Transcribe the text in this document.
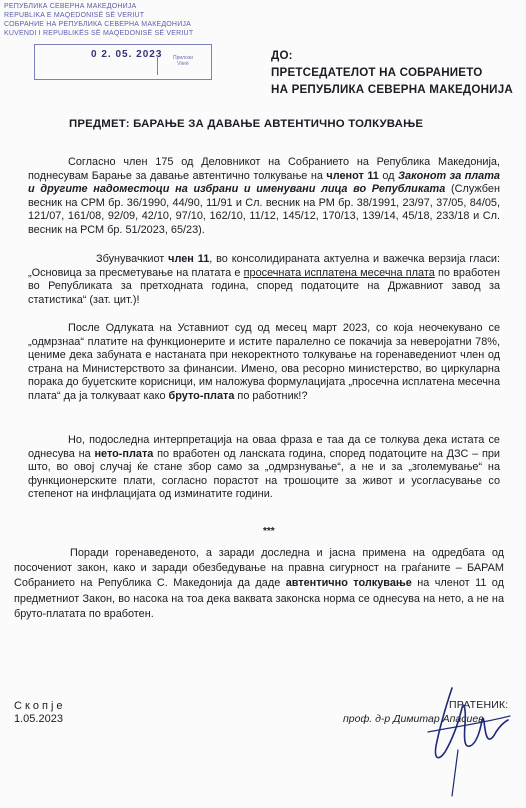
РЕПУБЛИКА СЕВЕРНА МАКЕДОНИЈА
REPUBLIKA E MAQEDONISË SË VERIUT
СОБРАНИЕ НА РЕПУБЛИКА СЕВЕРНА МАКЕДОНИЈА
KUVENDI I REPUBLIKËS SË MAQEDONISË SË VERIUT
0 2. 05. 2023	Прилози
Vlerë
ДО:
ПРЕТСЕДАТЕЛОТ НА СОБРАНИЕТО
НА РЕПУБЛИКА СЕВЕРНА МАКЕДОНИЈА
ПРЕДМЕТ: БАРАЊЕ ЗА ДАВАЊЕ АВТЕНТИЧНО ТОЛКУВАЊЕ
Согласно член 175 од Деловникот на Собранието на Република Македонија, поднесувам Барање за давање автентично толкување на членот 11 од Законот за плата и другите надоместоци на избрани и именувани лица во Републиката (Службен весник на СРМ бр. 36/1990, 44/90, 11/91 и Сл. весник на РМ бр. 38/1991, 23/97, 37/05, 84/05, 121/07, 161/08, 92/09, 42/10, 97/10, 162/10, 11/12, 145/12, 170/13, 139/14, 45/18, 233/18 и Сл. весник на РСМ бр. 51/2023, 65/23).
Збунувачкиот член 11, во консолидираната актуелна и важечка верзија гласи: „Основица за пресметување на платата е просечната исплатена месечна плата по вработен во Републиката за претходната година, според податоците на Државниот завод за статистика“ (зат. цит.)!
После Одлуката на Уставниот суд од месец март 2023, со која неочекувано се „одмрзнаа“ платите на функционерите и истите паралелно се покачија за неверојатни 78%, цениме дека забуната е настаната при некоректното толкување на горенаведениот член од страна на Министерството за финансии. Имено, ова ресорно министерство, во циркуларна порака до буџетските корисници, им наложува формулацијата „просечна исплатена месечна плата“ да ја толкуваат како бруто-плата по работник!?
Но, подоследна интерпретација на оваа фраза е таа да се толкува дека истата се однесува на нето-плата по вработен од ланската година, според податоците на ДЗС – при што, во овој случај ќе стане збор само за „одмрзнување“, а не и за „зголемување“ на функционерските плати, согласно порастот на трошоците за живот и усогласување со степенот на инфлацијата од изминатите години.
***
Поради горенаведеното, а заради доследна и јасна примена на одредбата од посочениот закон, како и заради обезбедување на правна сигурност на граѓаните – БАРАМ Собранието на Република С. Македонија да даде автентично толкување на членот 11 од предметниот Закон, во насока на тоа дека ваквата законска норма се однесува на нето, а не на бруто-платата по вработен.
Скопје
1.05.2023
ПРАТЕНИК:
проф. д-р Димитар Апасиев
